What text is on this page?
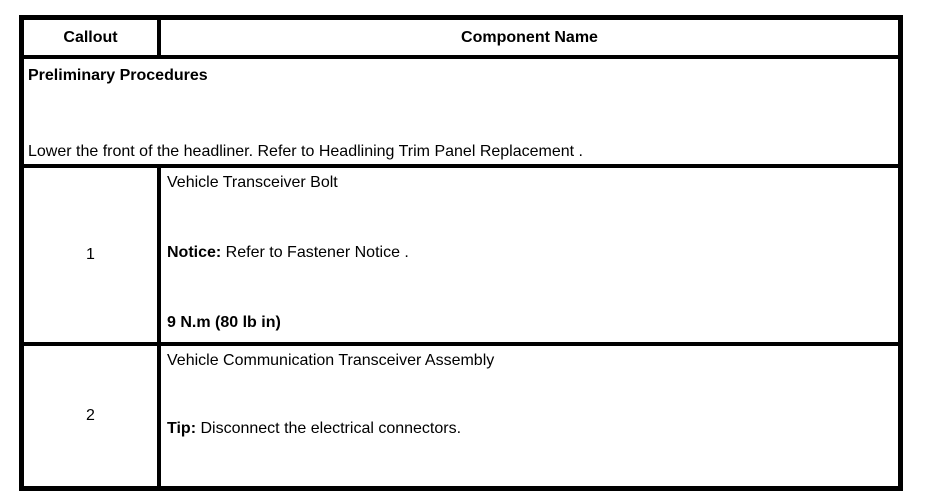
Callout	Component Name
Preliminary Procedures
Lower the front of the headliner. Refer to Headlining Trim Panel Replacement .
1
Vehicle Transceiver Bolt
Notice: Refer to Fastener Notice .
9 N.m (80 lb in)
2
Vehicle Communication Transceiver Assembly
Tip: Disconnect the electrical connectors.
